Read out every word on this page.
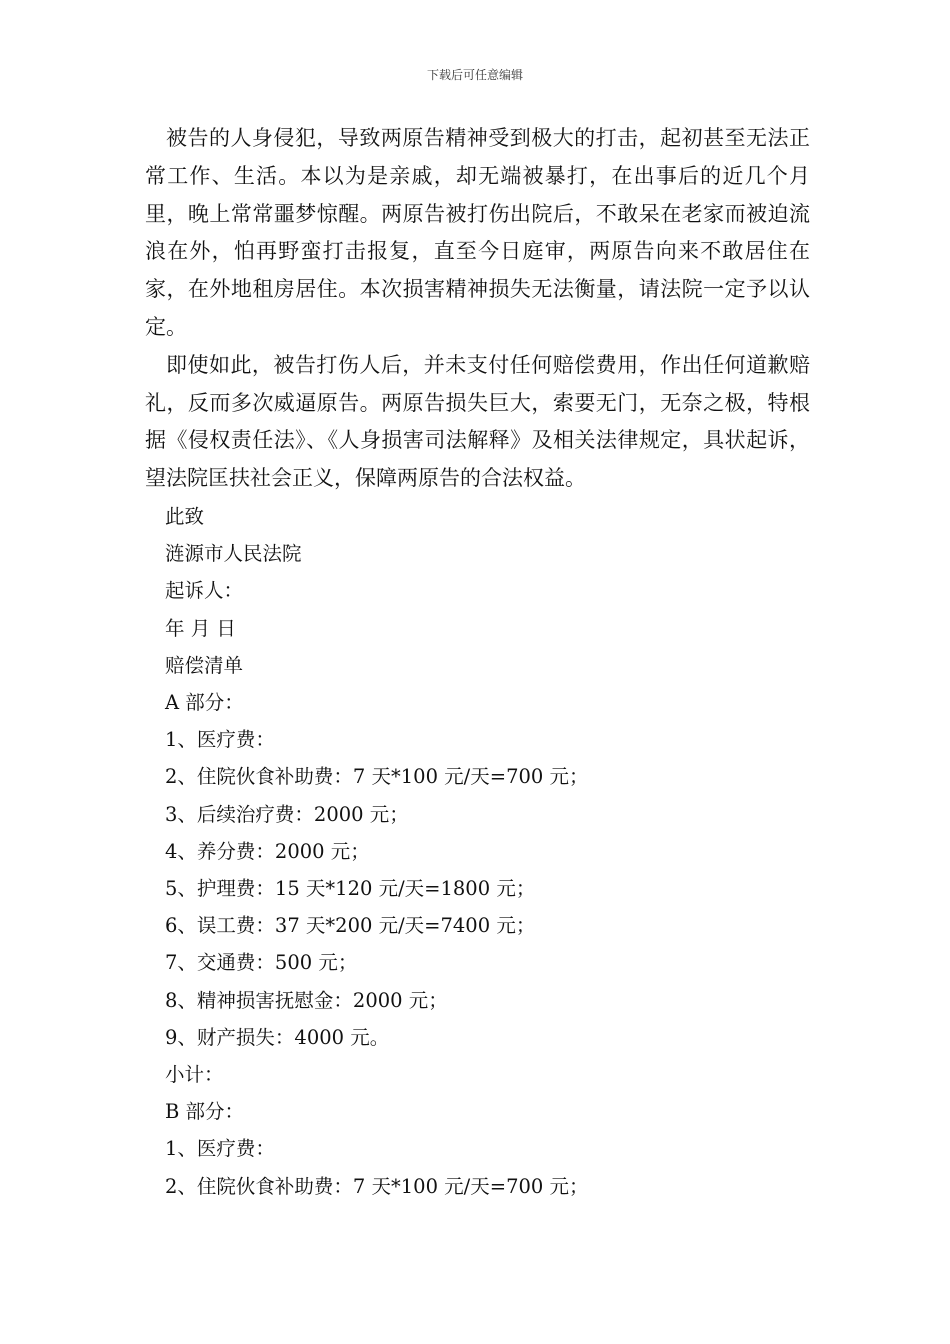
下载后可任意编辑

被告的人身侵犯，导致两原告精神受到极大的打击，起初甚至无法正常工作、生活。本以为是亲戚，却无端被暴打，在出事后的近几个月里，晚上常常噩梦惊醒。两原告被打伤出院后，不敢呆在老家而被迫流浪在外，怕再野蛮打击报复，直至今日庭审，两原告向来不敢居住在家，在外地租房居住。本次损害精神损失无法衡量，请法院一定予以认定。

即使如此，被告打伤人后，并未支付任何赔偿费用，作出任何道歉赔礼，反而多次威逼原告。两原告损失巨大，索要无门，无奈之极，特根据《侵权责任法》、《人身损害司法解释》及相关法律规定，具状起诉，望法院匡扶社会正义，保障两原告的合法权益。

此致

涟源市人民法院

起诉人：

年 月 日

赔偿清单

A 部分：

1、医疗费：

2、住院伙食补助费：7 天*100 元/天=700 元；

3、后续治疗费：2000 元；

4、养分费：2000 元；

5、护理费：15 天*120 元/天=1800 元；

6、误工费：37 天*200 元/天=7400 元；

7、交通费：500 元；

8、精神损害抚慰金：2000 元；

9、财产损失：4000 元。

小计：

B 部分：

1、医疗费：

2、住院伙食补助费：7 天*100 元/天=700 元；
